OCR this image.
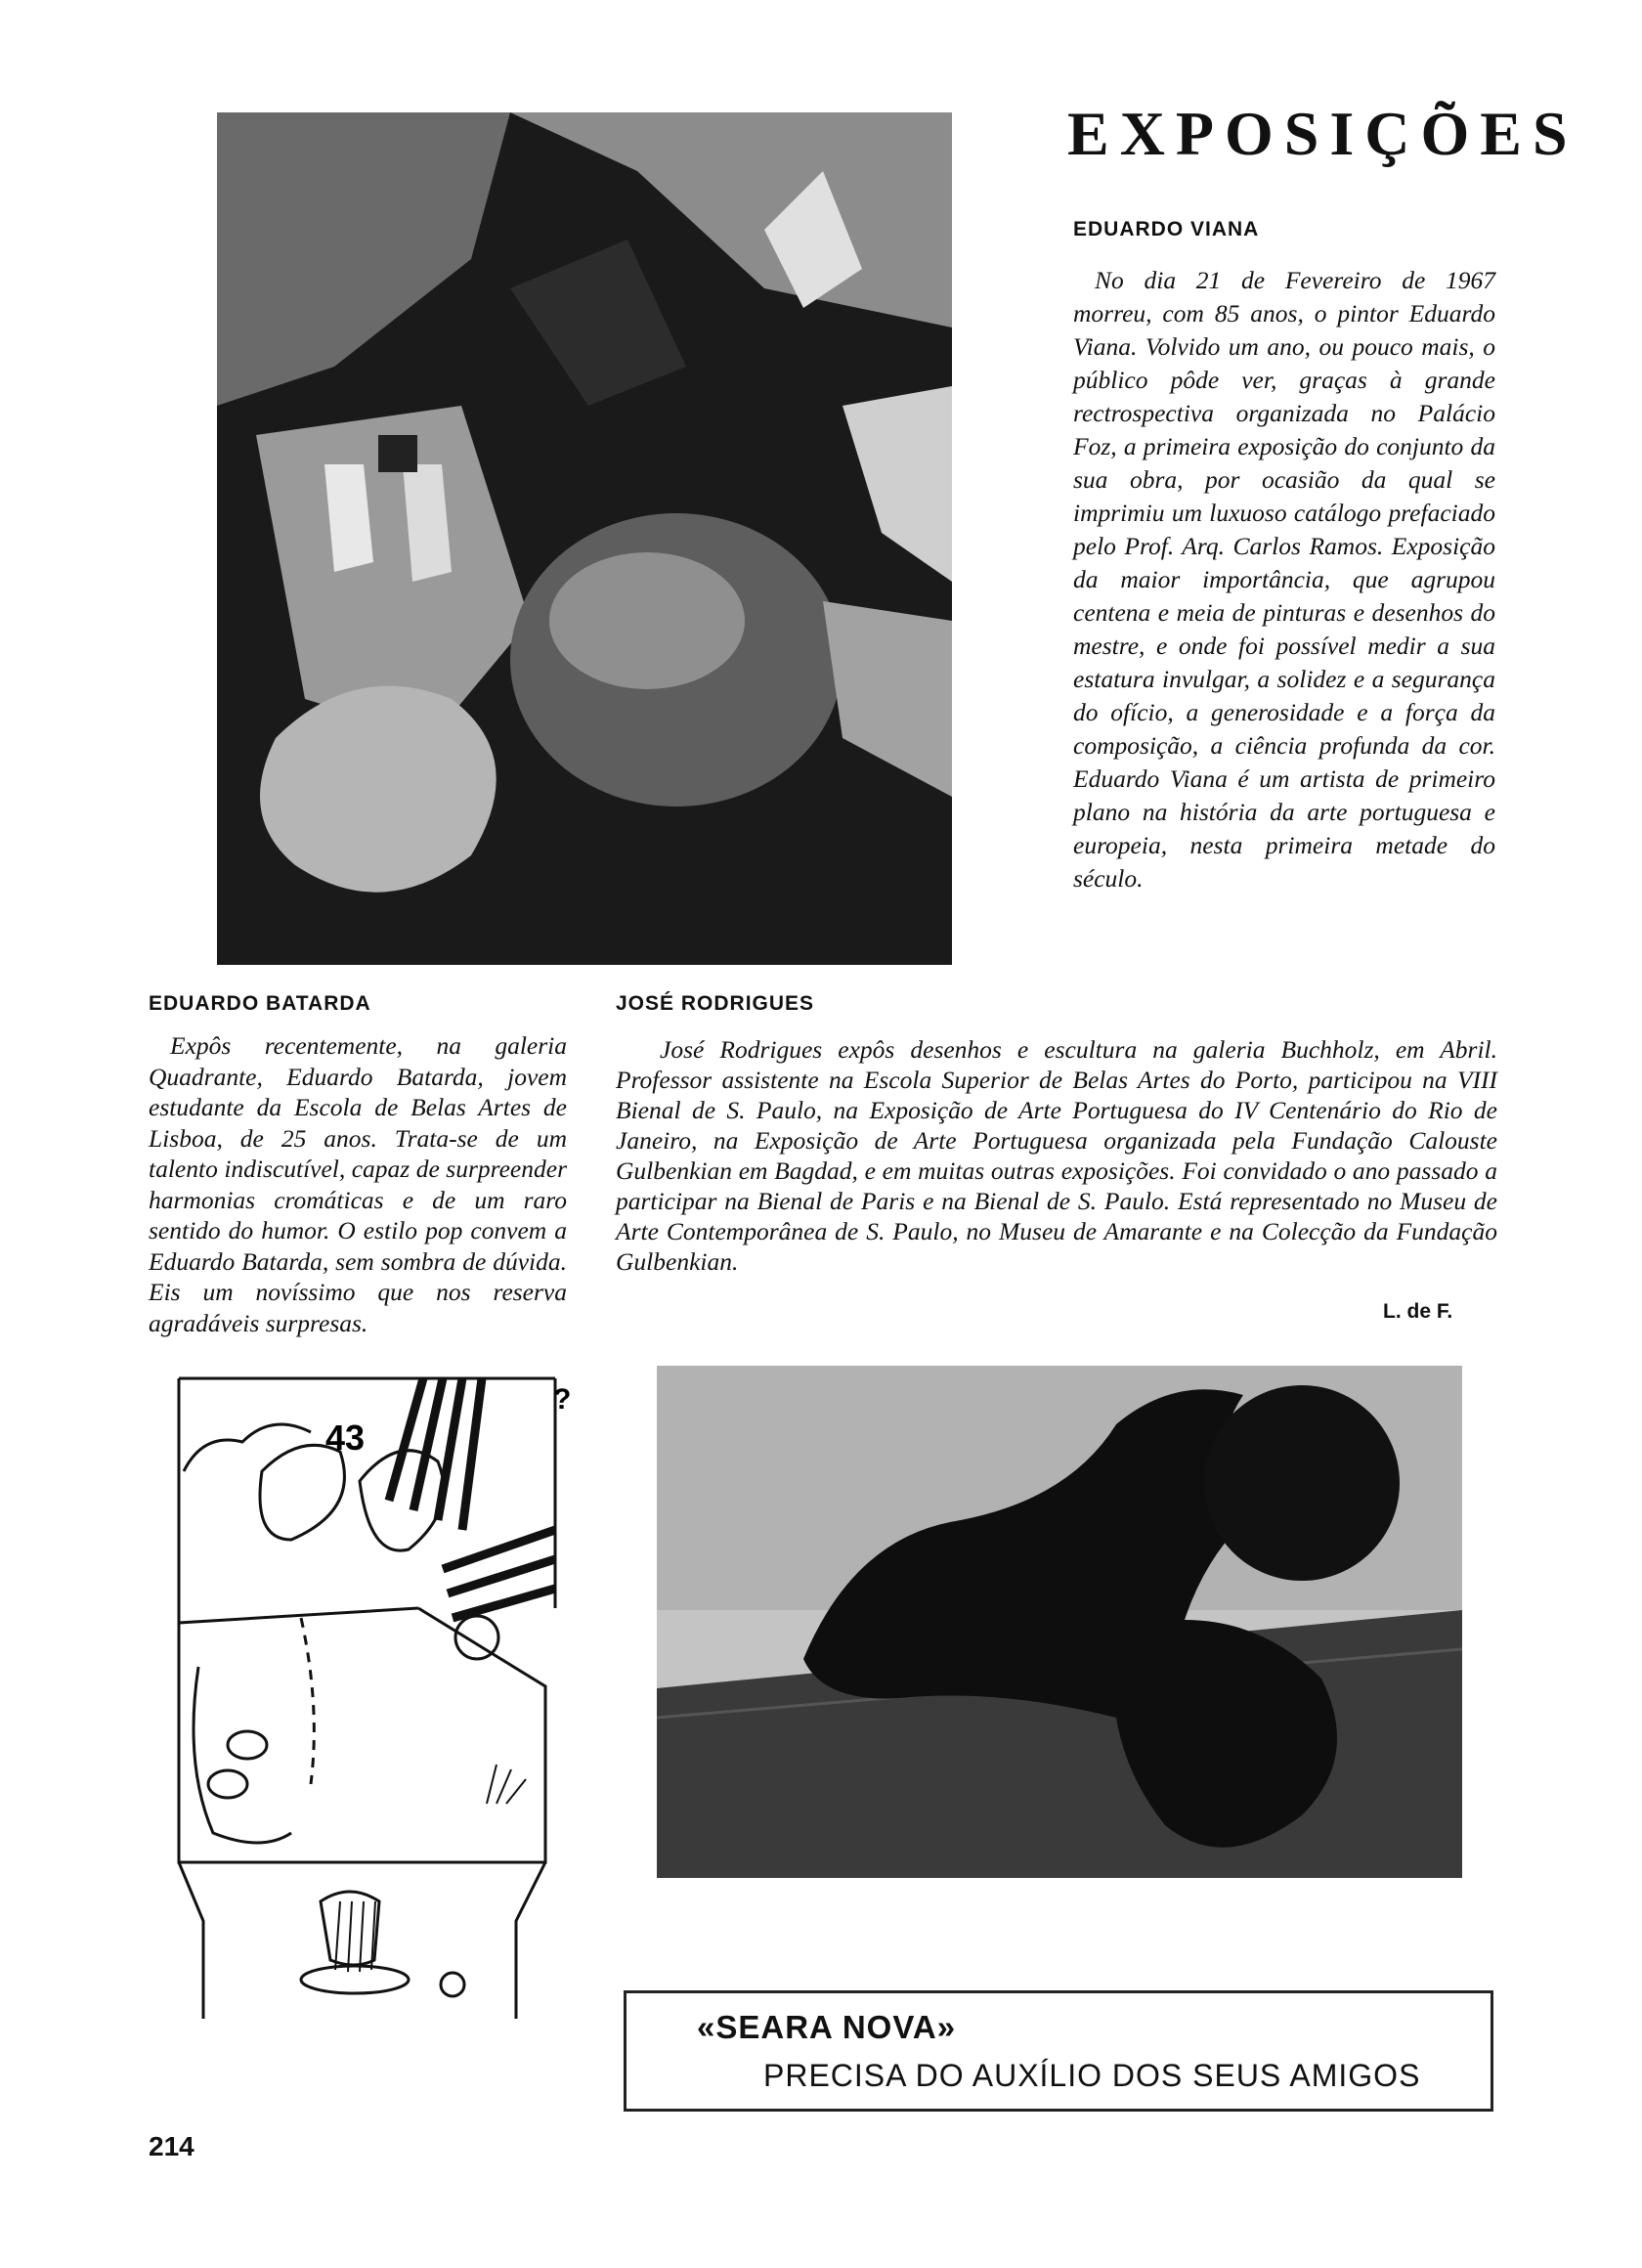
EXPOSIÇÕES
EDUARDO VIANA
No dia 21 de Fevereiro de 1967 morreu, com 85 anos, o pintor Eduardo Viana. Volvido um ano, ou pouco mais, o público pôde ver, graças à grande rectrospectiva organizada no Palácio Foz, a primeira exposição do conjunto da sua obra, por ocasião da qual se imprimiu um luxuoso catálogo prefaciado pelo Prof. Arq. Carlos Ramos. Exposição da maior importância, que agrupou centena e meia de pinturas e desenhos do mestre, e onde foi possível medir a sua estatura invulgar, a solidez e a segurança do ofício, a generosidade e a força da composição, a ciência profunda da cor. Eduardo Viana é um artista de primeiro plano na história da arte portuguesa e europeia, nesta primeira metade do século.
EDUARDO BATARDA
Expôs recentemente, na galeria Quadrante, Eduardo Batarda, jovem estudante da Escola de Belas Artes de Lisboa, de 25 anos. Trata-se de um talento indiscutível, capaz de surpreender harmonias cromáticas e de um raro sentido do humor. O estilo pop convem a Eduardo Batarda, sem sombra de dúvida. Eis um novíssimo que nos reserva agradáveis surpresas.
JOSÉ RODRIGUES
José Rodrigues expôs desenhos e escultura na galeria Buchholz, em Abril. Professor assistente na Escola Superior de Belas Artes do Porto, participou na VIII Bienal de S. Paulo, na Exposição de Arte Portuguesa do IV Centenário do Rio de Janeiro, na Exposição de Arte Portuguesa organizada pela Fundação Calouste Gulbenkian em Bagdad, e em muitas outras exposições. Foi convidado o ano passado a participar na Bienal de Paris e na Bienal de S. Paulo. Está representado no Museu de Arte Contemporânea de S. Paulo, no Museu de Amarante e na Colecção da Fundação Gulbenkian.
L. de F.
43
?
«SEARA NOVA»
PRECISA DO AUXÍLIO DOS SEUS AMIGOS
214
